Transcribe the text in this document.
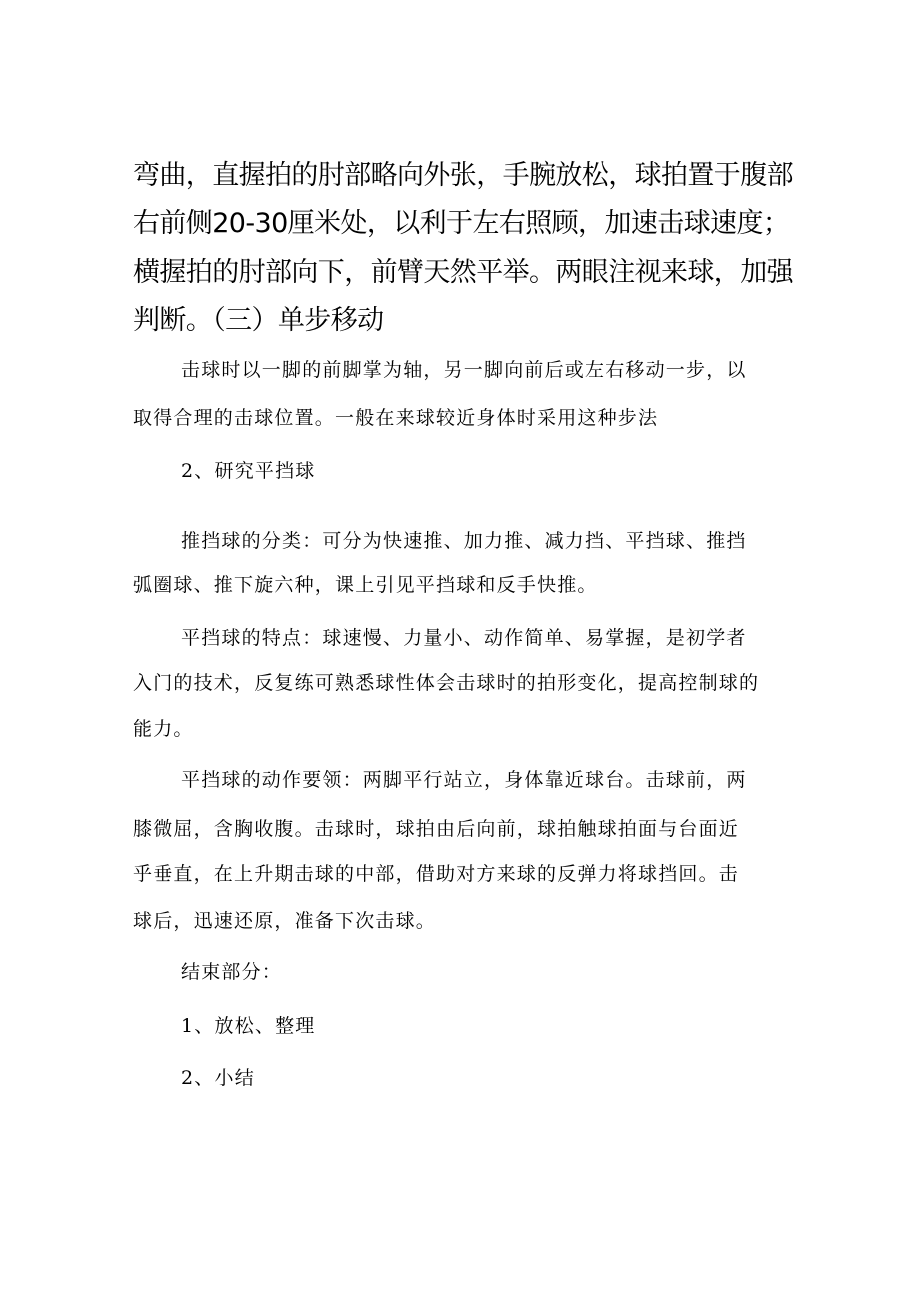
弯曲，直握拍的肘部略向外张，手腕放松，球拍置于腹部

右前侧20-30厘米处，以利于左右照顾，加速击球速度；

横握拍的肘部向下，前臂天然平举。两眼注视来球，加强

判断。（三）单步移动

击球时以一脚的前脚掌为轴，另一脚向前后或左右移动一步，以

取得合理的击球位置。一般在来球较近身体时采用这种步法

2、研究平挡球

推挡球的分类：可分为快速推、加力推、减力挡、平挡球、推挡

弧圈球、推下旋六种，课上引见平挡球和反手快推。

平挡球的特点：球速慢、力量小、动作简单、易掌握，是初学者

入门的技术，反复练可熟悉球性体会击球时的拍形变化，提高控制球的

能力。

平挡球的动作要领：两脚平行站立，身体靠近球台。击球前，两

膝微屈，含胸收腹。击球时，球拍由后向前，球拍触球拍面与台面近

乎垂直，在上升期击球的中部，借助对方来球的反弹力将球挡回。击

球后，迅速还原，准备下次击球。

结束部分：

1、放松、整理

2、小结
